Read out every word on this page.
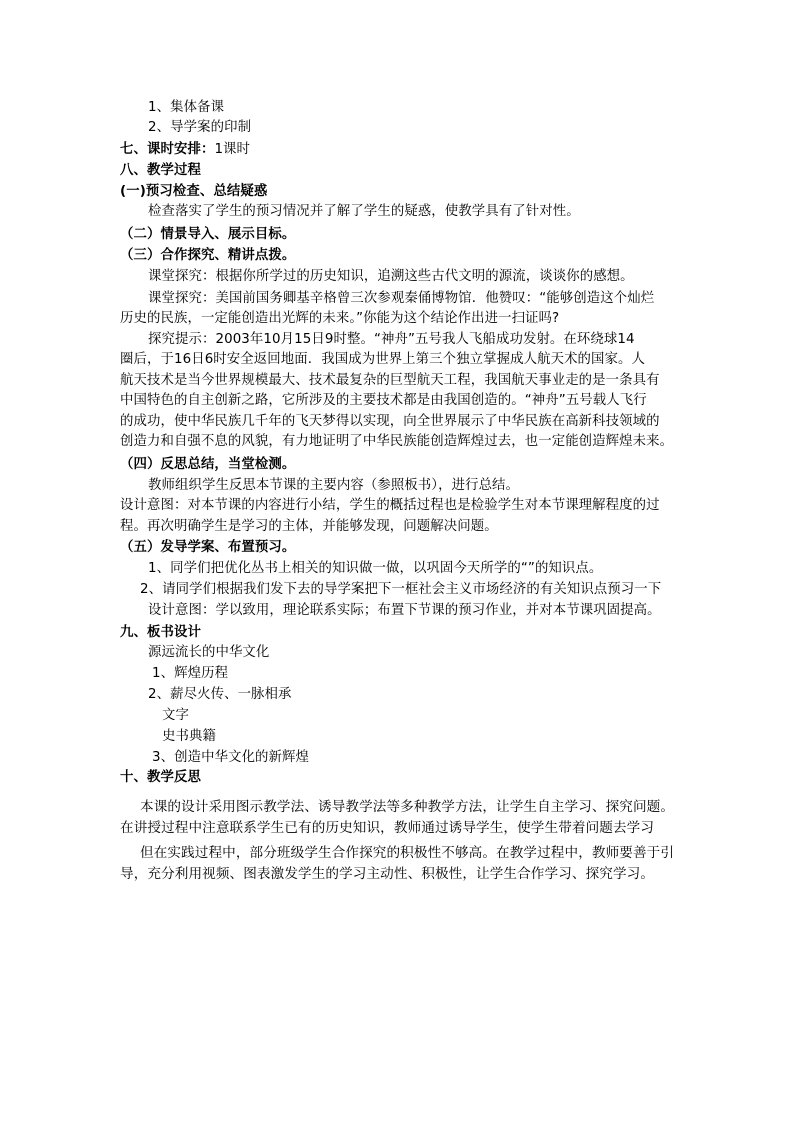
1、集体备课
2、导学案的印制
七、课时安排：1课时
八、教学过程
(一)预习检查、总结疑惑
检查落实了学生的预习情况并了解了学生的疑惑，使教学具有了针对性。
（二）情景导入、展示目标。
（三）合作探究、精讲点拨。
课堂探究：根据你所学过的历史知识，追溯这些古代文明的源流，谈谈你的感想。
课堂探究：美国前国务卿基辛格曾三次参观秦俑博物馆．他赞叹：“能够创造这个灿烂
历史的民族，一定能创造出光辉的未来。”你能为这个结论作出进一扫证吗?
探究提示：2003年10月15日9时整。“神舟”五号我人飞船成功发射。在环绕球14
圈后，于16日6时安全返回地面．我国成为世界上第三个独立掌握成人航天术的国家。人
航天技术是当今世界规模最大、技术最复杂的巨型航天工程，我国航天事业走的是一条具有
中国特色的自主创新之路，它所涉及的主要技术都是由我国创造的。“神舟”五号载人飞行
的成功，使中华民族几千年的飞天梦得以实现，向全世界展示了中华民族在高新科技领域的
创造力和自强不息的风貌，有力地证明了中华民族能创造辉煌过去，也一定能创造辉煌未来。
（四）反思总结，当堂检测。
教师组织学生反思本节课的主要内容（参照板书），进行总结。
设计意图：对本节课的内容进行小结，学生的概括过程也是检验学生对本节课理解程度的过
程。再次明确学生是学习的主体，并能够发现，问题解决问题。
（五）发导学案、布置预习。
1、同学们把优化丛书上相关的知识做一做，以巩固今天所学的“”的知识点。
2、请同学们根据我们发下去的导学案把下一框社会主义市场经济的有关知识点预习一下
设计意图：学以致用，理论联系实际；布置下节课的预习作业，并对本节课巩固提高。
九、板书设计
源远流长的中华文化
1、辉煌历程
2、薪尽火传、一脉相承
文字
史书典籍
3、创造中华文化的新辉煌
十、教学反思
本课的设计采用图示教学法、诱导教学法等多种教学方法，让学生自主学习、探究问题。
在讲授过程中注意联系学生已有的历史知识，教师通过诱导学生，使学生带着问题去学习
但在实践过程中，部分班级学生合作探究的积极性不够高。在教学过程中，教师要善于引
导，充分利用视频、图表激发学生的学习主动性、积极性，让学生合作学习、探究学习。
